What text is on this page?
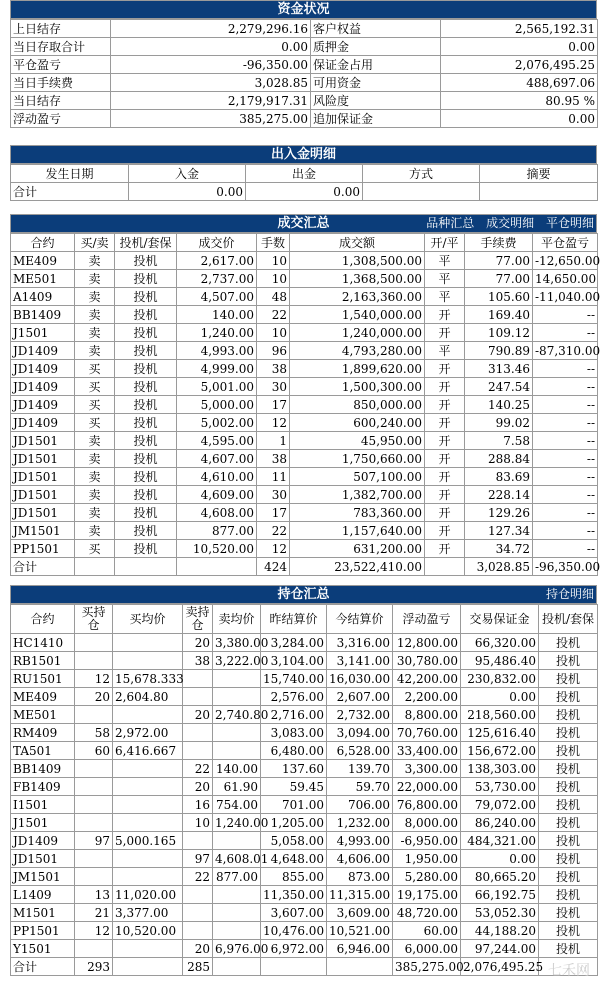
资金状况
上日结存	2,279,296.16	客户权益	2,565,192.31
当日存取合计	0.00	质押金	0.00
平仓盈亏	-96,350.00	保证金占用	2,076,495.25
当日手续费	3,028.85	可用资金	488,697.06
当日结存	2,179,917.31	风险度	80.95 %
浮动盈亏	385,275.00	追加保证金	0.00
出入金明细
发生日期	入金	出金	方式	摘要
合计	0.00	0.00		
成交汇总	品种汇总 成交明细 平仓明细
合约	买/卖	投机/套保	成交价	手数	成交额	开/平	手续费	平仓盈亏
ME409	卖	投机	2,617.00	10	1,308,500.00	平	77.00	-12,650.00
ME501	卖	投机	2,737.00	10	1,368,500.00	平	77.00	14,650.00
A1409	卖	投机	4,507.00	48	2,163,360.00	平	105.60	-11,040.00
BB1409	卖	投机	140.00	22	1,540,000.00	开	169.40	--
J1501	卖	投机	1,240.00	10	1,240,000.00	开	109.12	--
JD1409	卖	投机	4,993.00	96	4,793,280.00	平	790.89	-87,310.00
JD1409	买	投机	4,999.00	38	1,899,620.00	开	313.46	--
JD1409	买	投机	5,001.00	30	1,500,300.00	开	247.54	--
JD1409	买	投机	5,000.00	17	850,000.00	开	140.25	--
JD1409	买	投机	5,002.00	12	600,240.00	开	99.02	--
JD1501	卖	投机	4,595.00	1	45,950.00	开	7.58	--
JD1501	卖	投机	4,607.00	38	1,750,660.00	开	288.84	--
JD1501	卖	投机	4,610.00	11	507,100.00	开	83.69	--
JD1501	卖	投机	4,609.00	30	1,382,700.00	开	228.14	--
JD1501	卖	投机	4,608.00	17	783,360.00	开	129.26	--
JM1501	卖	投机	877.00	22	1,157,640.00	开	127.34	--
PP1501	买	投机	10,520.00	12	631,200.00	开	34.72	--
合计				424	23,522,410.00		3,028.85	-96,350.00
持仓汇总	持仓明细
合约	买持仓	买均价	卖持仓	卖均价	昨结算价	今结算价	浮动盈亏	交易保证金	投机/套保
HC1410			20	3,380.00	3,284.00	3,316.00	12,800.00	66,320.00	投机
RB1501			38	3,222.00	3,104.00	3,141.00	30,780.00	95,486.40	投机
RU1501	12	15,678.333			15,740.00	16,030.00	42,200.00	230,832.00	投机
ME409	20	2,604.80			2,576.00	2,607.00	2,200.00	0.00	投机
ME501			20	2,740.80	2,716.00	2,732.00	8,800.00	218,560.00	投机
RM409	58	2,972.00			3,083.00	3,094.00	70,760.00	125,616.40	投机
TA501	60	6,416.667			6,480.00	6,528.00	33,400.00	156,672.00	投机
BB1409			22	140.00	137.60	139.70	3,300.00	138,303.00	投机
FB1409			20	61.90	59.45	59.70	22,000.00	53,730.00	投机
I1501			16	754.00	701.00	706.00	76,800.00	79,072.00	投机
J1501			10	1,240.00	1,205.00	1,232.00	8,000.00	86,240.00	投机
JD1409	97	5,000.165			5,058.00	4,993.00	-6,950.00	484,321.00	投机
JD1501			97	4,608.01	4,648.00	4,606.00	1,950.00	0.00	投机
JM1501			22	877.00	855.00	873.00	5,280.00	80,665.20	投机
L1409	13	11,020.00			11,350.00	11,315.00	19,175.00	66,192.75	投机
M1501	21	3,377.00			3,607.00	3,609.00	48,720.00	53,052.30	投机
PP1501	12	10,520.00			10,476.00	10,521.00	60.00	44,188.20	投机
Y1501			20	6,976.00	6,972.00	6,946.00	6,000.00	97,244.00	投机
合计	293		285				385,275.00	2,076,495.25	七禾网
